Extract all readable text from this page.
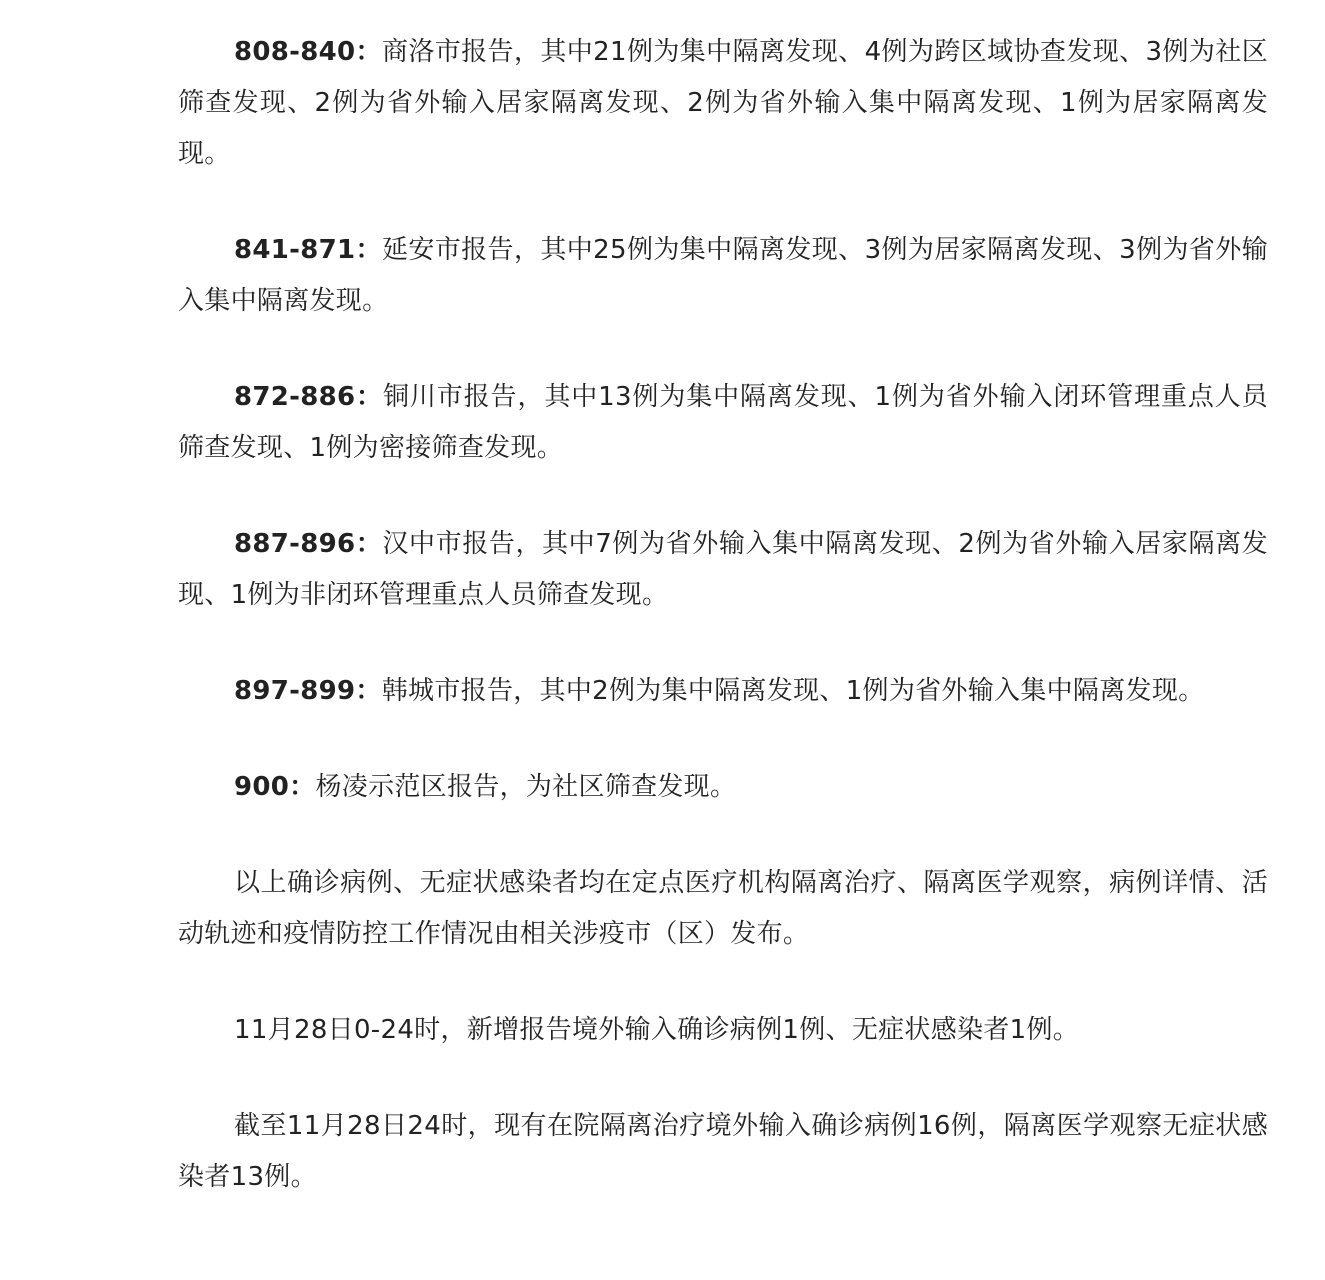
808-840：商洛市报告，其中21例为集中隔离发现、4例为跨区域协查发现、3例为社区筛查发现、2例为省外输入居家隔离发现、2例为省外输入集中隔离发现、1例为居家隔离发现。

841-871：延安市报告，其中25例为集中隔离发现、3例为居家隔离发现、3例为省外输入集中隔离发现。

872-886：铜川市报告，其中13例为集中隔离发现、1例为省外输入闭环管理重点人员筛查发现、1例为密接筛查发现。

887-896：汉中市报告，其中7例为省外输入集中隔离发现、2例为省外输入居家隔离发现、1例为非闭环管理重点人员筛查发现。

897-899：韩城市报告，其中2例为集中隔离发现、1例为省外输入集中隔离发现。

900：杨凌示范区报告，为社区筛查发现。

以上确诊病例、无症状感染者均在定点医疗机构隔离治疗、隔离医学观察，病例详情、活动轨迹和疫情防控工作情况由相关涉疫市（区）发布。

11月28日0-24时，新增报告境外输入确诊病例1例、无症状感染者1例。

截至11月28日24时，现有在院隔离治疗境外输入确诊病例16例，隔离医学观察无症状感染者13例。
